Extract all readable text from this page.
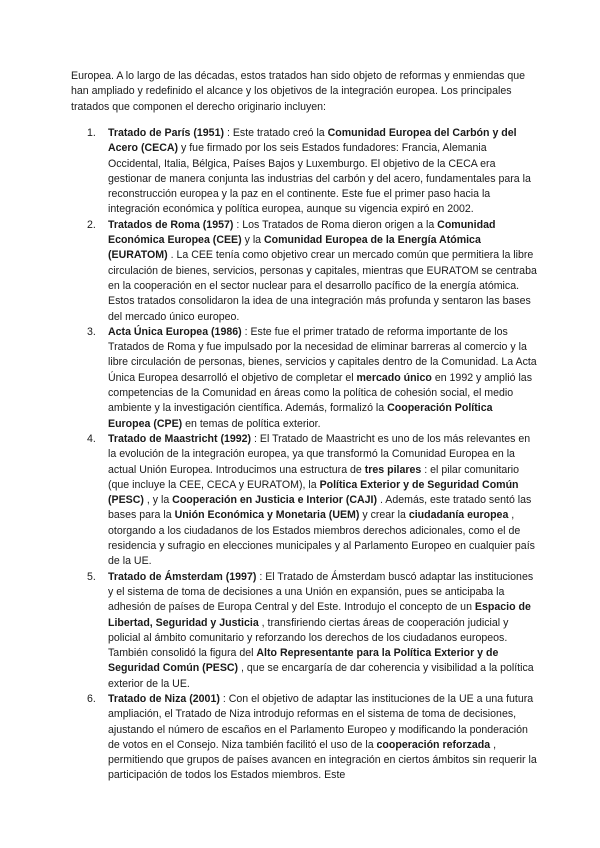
Europea. A lo largo de las décadas, estos tratados han sido objeto de reformas y enmiendas que han ampliado y redefinido el alcance y los objetivos de la integración europea. Los principales tratados que componen el derecho originario incluyen:

1. Tratado de París (1951) : Este tratado creó la Comunidad Europea del Carbón y del Acero (CECA) y fue firmado por los seis Estados fundadores: Francia, Alemania Occidental, Italia, Bélgica, Países Bajos y Luxemburgo. El objetivo de la CECA era gestionar de manera conjunta las industrias del carbón y del acero, fundamentales para la reconstrucción europea y la paz en el continente. Este fue el primer paso hacia la integración económica y política europea, aunque su vigencia expiró en 2002.
2. Tratados de Roma (1957) : Los Tratados de Roma dieron origen a la Comunidad Económica Europea (CEE) y la Comunidad Europea de la Energía Atómica (EURATOM) . La CEE tenía como objetivo crear un mercado común que permitiera la libre circulación de bienes, servicios, personas y capitales, mientras que EURATOM se centraba en la cooperación en el sector nuclear para el desarrollo pacífico de la energía atómica. Estos tratados consolidaron la idea de una integración más profunda y sentaron las bases del mercado único europeo.
3. Acta Única Europea (1986) : Este fue el primer tratado de reforma importante de los Tratados de Roma y fue impulsado por la necesidad de eliminar barreras al comercio y la libre circulación de personas, bienes, servicios y capitales dentro de la Comunidad. La Acta Única Europea desarrolló el objetivo de completar el mercado único en 1992 y amplió las competencias de la Comunidad en áreas como la política de cohesión social, el medio ambiente y la investigación científica. Además, formalizó la Cooperación Política Europea (CPE) en temas de política exterior.
4. Tratado de Maastricht (1992) : El Tratado de Maastricht es uno de los más relevantes en la evolución de la integración europea, ya que transformó la Comunidad Europea en la actual Unión Europea. Introducimos una estructura de tres pilares : el pilar comunitario (que incluye la CEE, CECA y EURATOM), la Política Exterior y de Seguridad Común (PESC) , y la Cooperación en Justicia e Interior (CAJI) . Además, este tratado sentó las bases para la Unión Económica y Monetaria (UEM) y crear la ciudadanía europea , otorgando a los ciudadanos de los Estados miembros derechos adicionales, como el de residencia y sufragio en elecciones municipales y al Parlamento Europeo en cualquier país de la UE.
5. Tratado de Ámsterdam (1997) : El Tratado de Ámsterdam buscó adaptar las instituciones y el sistema de toma de decisiones a una Unión en expansión, pues se anticipaba la adhesión de países de Europa Central y del Este. Introdujo el concepto de un Espacio de Libertad, Seguridad y Justicia , transfiriendo ciertas áreas de cooperación judicial y policial al ámbito comunitario y reforzando los derechos de los ciudadanos europeos. También consolidó la figura del Alto Representante para la Política Exterior y de Seguridad Común (PESC) , que se encargaría de dar coherencia y visibilidad a la política exterior de la UE.
6. Tratado de Niza (2001) : Con el objetivo de adaptar las instituciones de la UE a una futura ampliación, el Tratado de Niza introdujo reformas en el sistema de toma de decisiones, ajustando el número de escaños en el Parlamento Europeo y modificando la ponderación de votos en el Consejo. Niza también facilitó el uso de la cooperación reforzada , permitiendo que grupos de países avancen en integración en ciertos ámbitos sin requerir la participación de todos los Estados miembros. Este
